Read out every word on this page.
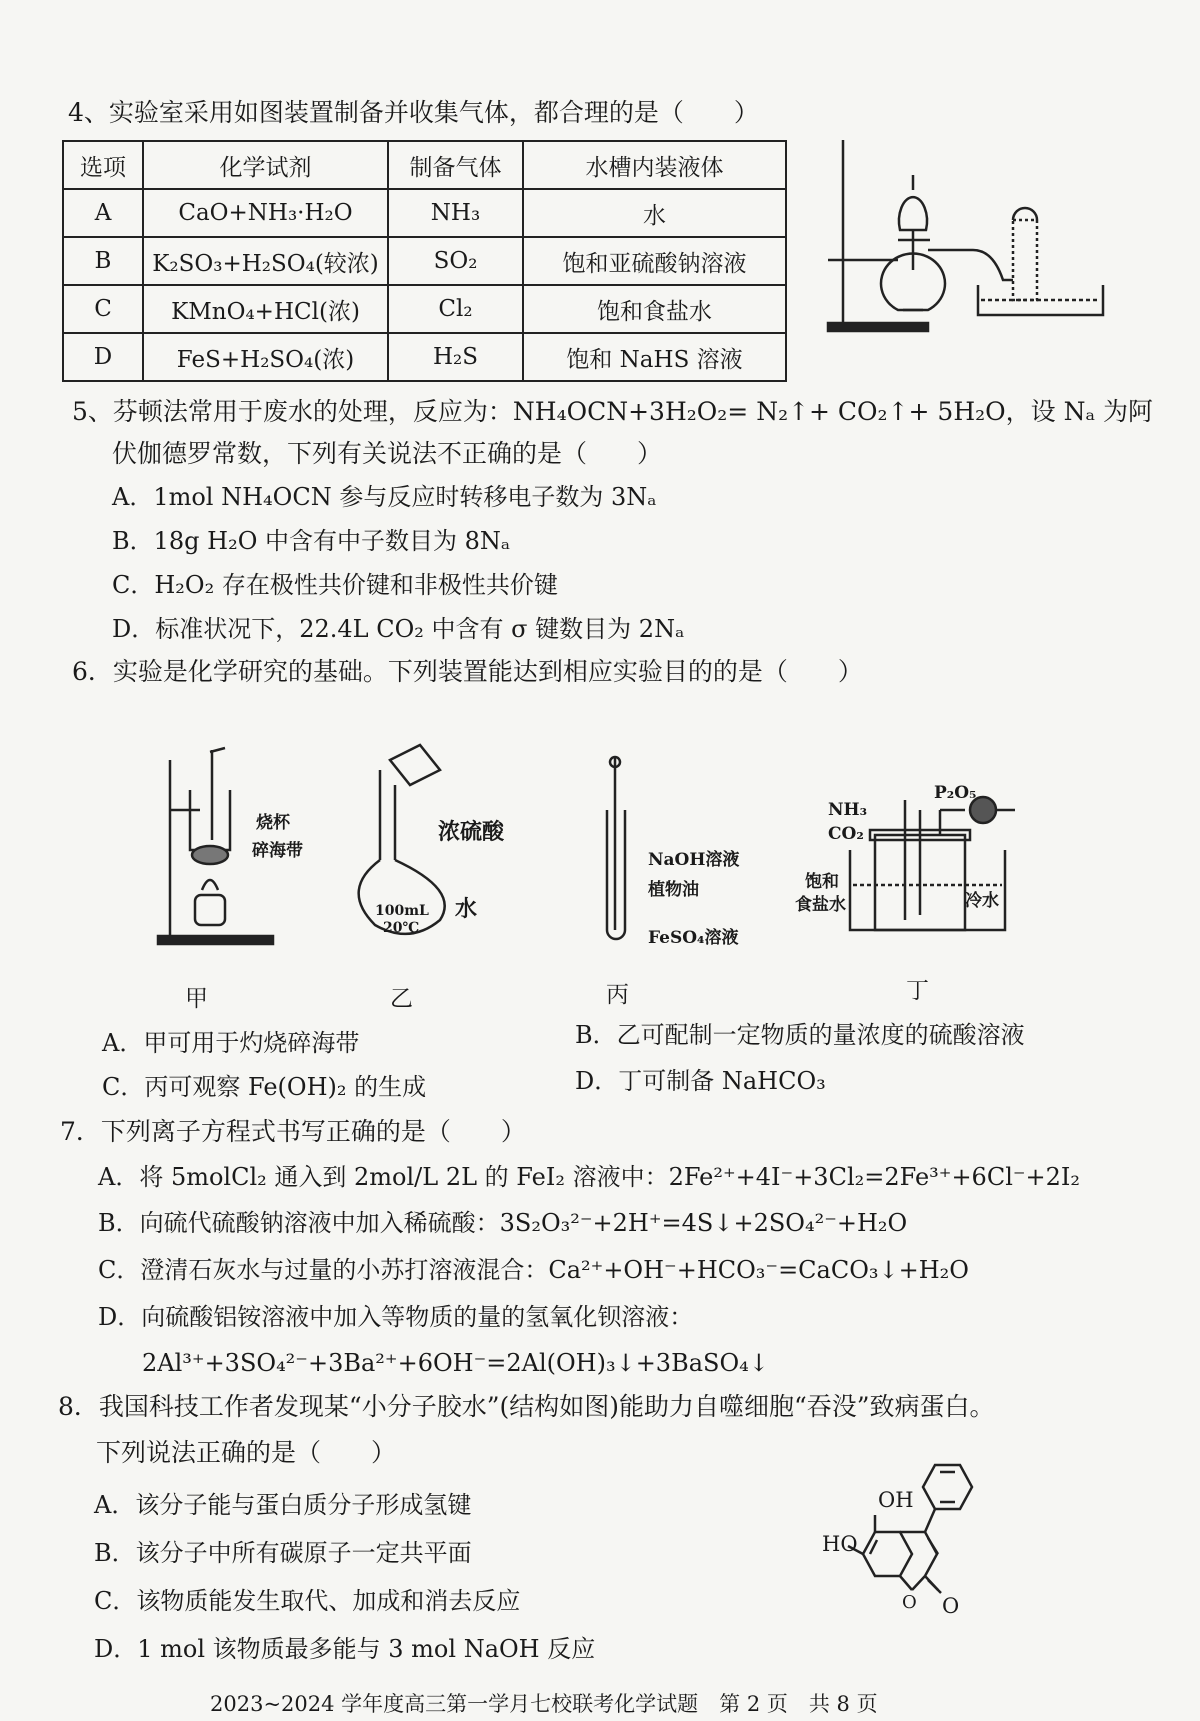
4、实验室采用如图装置制备并收集气体，都合理的是（　　）
选项	化学试剂	制备气体	水槽内装液体
A	CaO+NH₃·H₂O	NH₃	水
B	K₂SO₃+H₂SO₄(较浓)	SO₂	饱和亚硫酸钠溶液
C	KMnO₄+HCl(浓)	Cl₂	饱和食盐水
D	FeS+H₂SO₄(浓)	H₂S	饱和 NaHS 溶液
5、芬顿法常用于废水的处理，反应为：NH₄OCN+3H₂O₂= N₂↑+ CO₂↑+ 5H₂O，设 Nₐ 为阿
伏伽德罗常数，下列有关说法不正确的是（　　）
A．1mol NH₄OCN 参与反应时转移电子数为 3Nₐ
B．18g H₂O 中含有中子数目为 8Nₐ
C．H₂O₂ 存在极性共价键和非极性共价键
D．标准状况下，22.4L CO₂ 中含有 σ 键数目为 2Nₐ
6．实验是化学研究的基础。下列装置能达到相应实验目的的是（　　）
烧杯
碎海带
甲
浓硫酸
水
100mL
20℃
乙
NaOH溶液
植物油
FeSO₄溶液
丙
NH₃
CO₂
P₂O₅
饱和
食盐水	冷水
丁
A．甲可用于灼烧碎海带	B．乙可配制一定物质的量浓度的硫酸溶液
C．丙可观察 Fe(OH)₂ 的生成	D．丁可制备 NaHCO₃
7．下列离子方程式书写正确的是（　　）
A．将 5molCl₂ 通入到 2mol/L 2L 的 FeI₂ 溶液中：2Fe²⁺+4I⁻+3Cl₂=2Fe³⁺+6Cl⁻+2I₂
B．向硫代硫酸钠溶液中加入稀硫酸：3S₂O₃²⁻+2H⁺=4S↓+2SO₄²⁻+H₂O
C．澄清石灰水与过量的小苏打溶液混合：Ca²⁺+OH⁻+HCO₃⁻=CaCO₃↓+H₂O
D．向硫酸铝铵溶液中加入等物质的量的氢氧化钡溶液：
2Al³⁺+3SO₄²⁻+3Ba²⁺+6OH⁻=2Al(OH)₃↓+3BaSO₄↓
8．我国科技工作者发现某“小分子胶水”(结构如图)能助力自噬细胞“吞没”致病蛋白。
下列说法正确的是（　　）
A．该分子能与蛋白质分子形成氢键
B．该分子中所有碳原子一定共平面
C．该物质能发生取代、加成和消去反应
D．1 mol 该物质最多能与 3 mol NaOH 反应
OH
HO
O O
2023~2024 学年度高三第一学月七校联考化学试题　第 2 页　共 8 页
